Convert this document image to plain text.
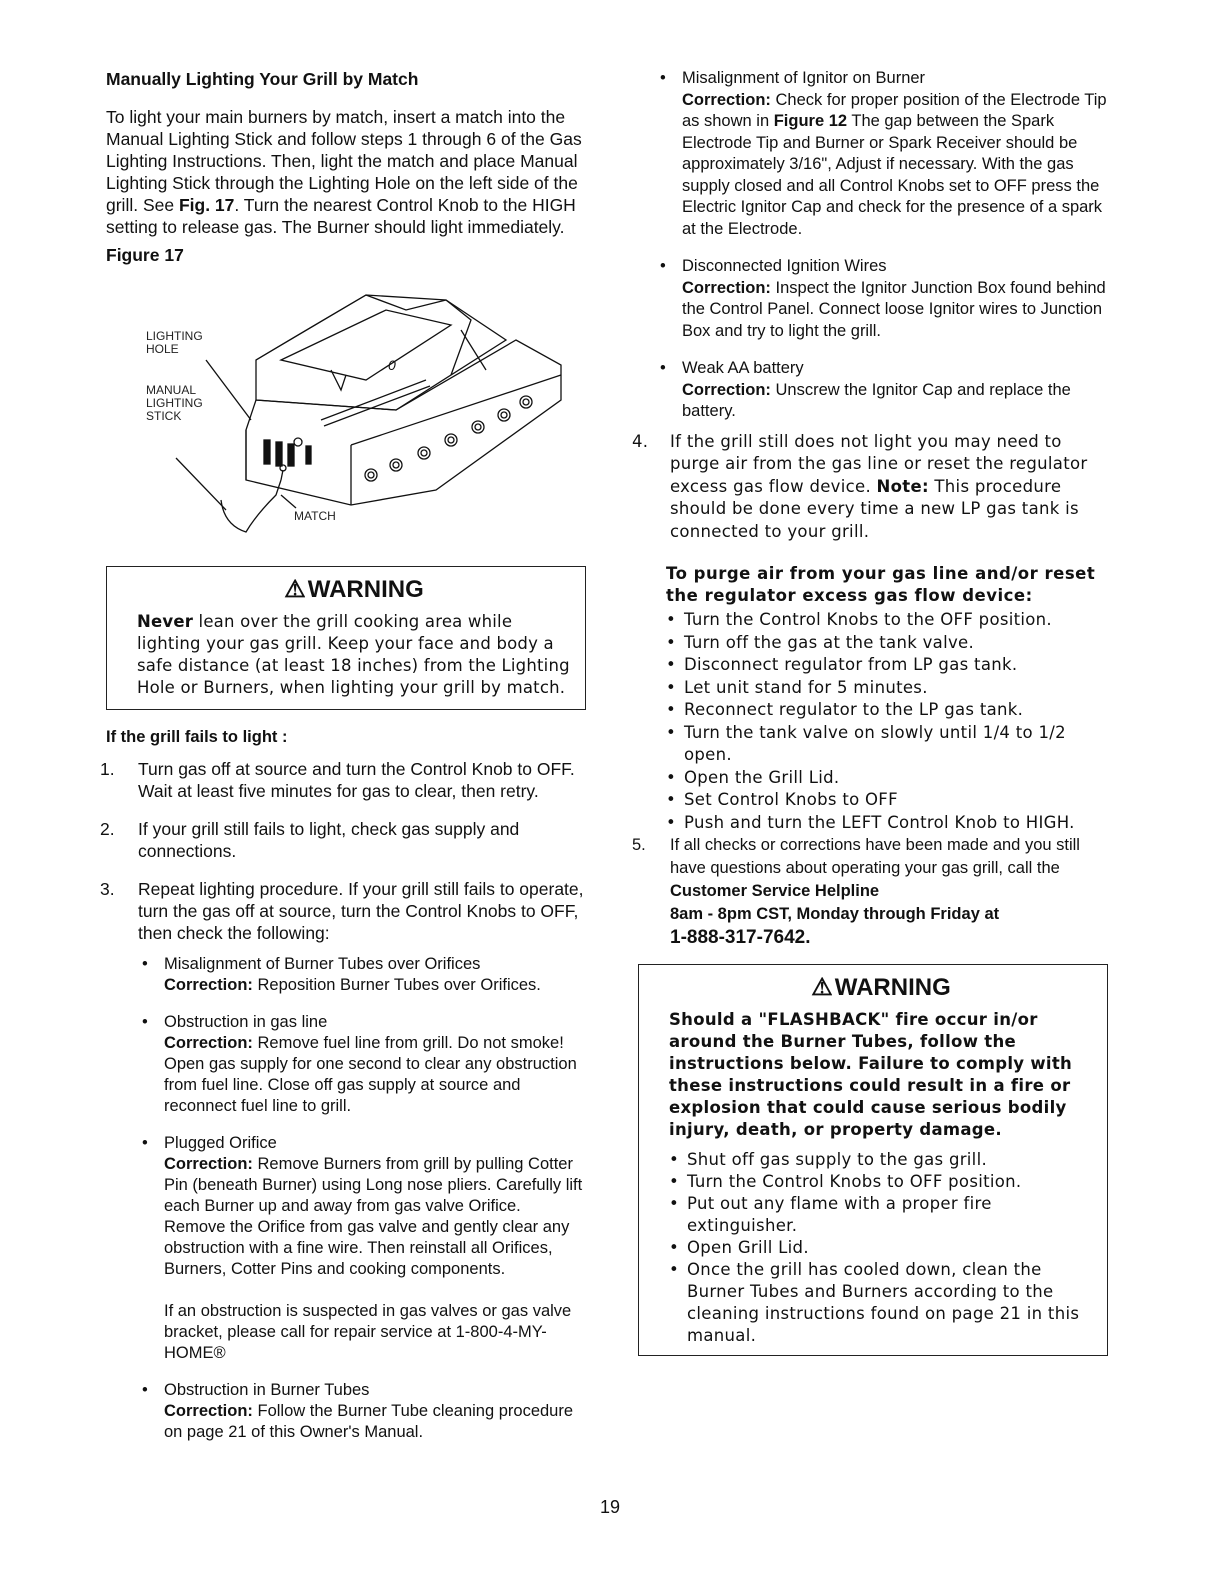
Manually Lighting Your Grill by Match

To light your main burners by match, insert a match into the Manual Lighting Stick and follow steps 1 through 6 of the Gas Lighting Instructions. Then, light the match and place Manual Lighting Stick through the Lighting Hole on the left side of the grill. See Fig. 17. Turn the nearest Control Knob to the HIGH setting to release gas. The Burner should light immediately.

Figure 17

0
LIGHTING
HOLE
MANUAL
LIGHTING
STICK
MATCH
⚠WARNING

Never lean over the grill cooking area while lighting your gas grill. Keep your face and body a safe distance (at least 18 inches) from the Lighting Hole or Burners, when lighting your grill by match.

If the grill fails to light :

1. Turn gas off at source and turn the Control Knob to OFF. Wait at least five minutes for gas to clear, then retry.
2. If your grill still fails to light, check gas supply and connections.
3. Repeat lighting procedure. If your grill still fails to operate, turn the gas off at source, turn the Control Knobs to OFF, then check the following:
• Misalignment of Burner Tubes over Orifices
Correction: Reposition Burner Tubes over Orifices.
• Obstruction in gas line
Correction: Remove fuel line from grill. Do not smoke! Open gas supply for one second to clear any obstruction from fuel line. Close off gas supply at source and reconnect fuel line to grill.
• Plugged Orifice
Correction: Remove Burners from grill by pulling Cotter Pin (beneath Burner) using Long nose pliers. Carefully lift each Burner up and away from gas valve Orifice. Remove the Orifice from gas valve and gently clear any obstruction with a fine wire. Then reinstall all Orifices, Burners, Cotter Pins and cooking components.

If an obstruction is suspected in gas valves or gas valve bracket, please call for repair service at 1-800-4-MY-HOME®
• Obstruction in Burner Tubes
Correction: Follow the Burner Tube cleaning procedure on page 21 of this Owner's Manual.
• Misalignment of Ignitor on Burner
Correction: Check for proper position of the Electrode Tip as shown in Figure 12 The gap between the Spark Electrode Tip and Burner or Spark Receiver should be approximately 3/16", Adjust if necessary. With the gas supply closed and all Control Knobs set to OFF press the Electric Ignitor Cap and check for the presence of a spark at the Electrode.
• Disconnected Ignition Wires
Correction: Inspect the Ignitor Junction Box found behind the Control Panel. Connect loose Ignitor wires to Junction Box and try to light the grill.
• Weak AA battery
Correction: Unscrew the Ignitor Cap and replace the battery.
4. If the grill still does not light you may need to purge air from the gas line or reset the regulator excess gas flow device. Note: This procedure should be done every time a new LP gas tank is connected to your grill.

To purge air from your gas line and/or reset the regulator excess gas flow device:

• Turn the Control Knobs to the OFF position.
• Turn off the gas at the tank valve.
• Disconnect regulator from LP gas tank.
• Let unit stand for 5 minutes.
• Reconnect regulator to the LP gas tank.
• Turn the tank valve on slowly until 1/4 to 1/2 open.
• Open the Grill Lid.
• Set Control Knobs to OFF
• Push and turn the LEFT Control Knob to HIGH.
5. If all checks or corrections have been made and you still have questions about operating your gas grill, call the Customer Service Helpline
8am - 8pm CST, Monday through Friday at
1-888-317-7642.
⚠WARNING

Should a "FLASHBACK" fire occur in/or around the Burner Tubes, follow the instructions below. Failure to comply with these instructions could result in a fire or explosion that could cause serious bodily injury, death, or property damage.

• Shut off gas supply to the gas grill.
• Turn the Control Knobs to OFF position.
• Put out any flame with a proper fire extinguisher.
• Open Grill Lid.
• Once the grill has cooled down, clean the Burner Tubes and Burners according to the cleaning instructions found on page 21 in this manual.
19
